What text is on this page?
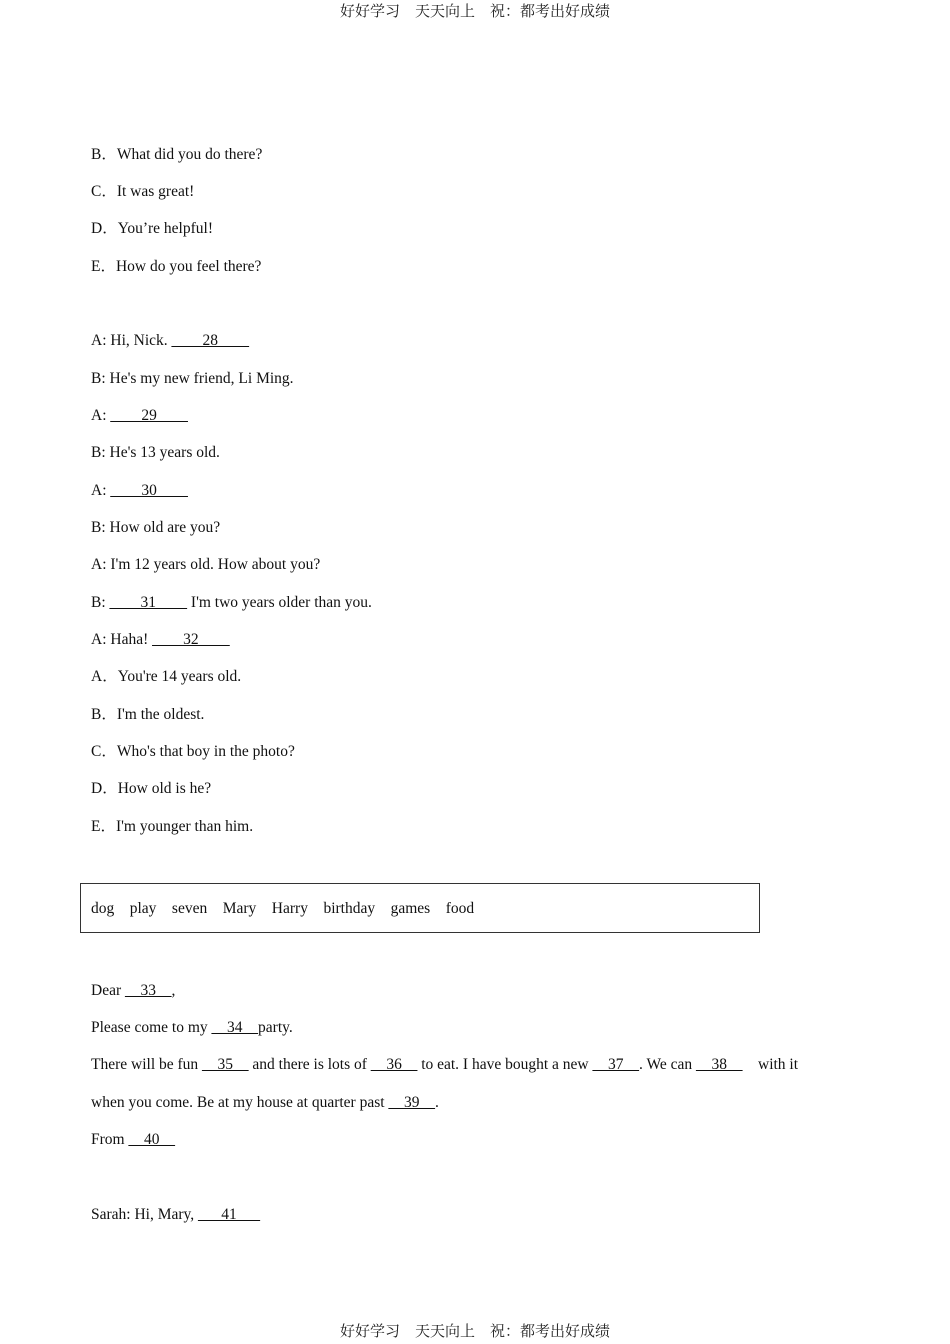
好好学习　天天向上　祝：都考出好成绩
B．What did you do there?
C．It was great!
D．You’re helpful!
E．How do you feel there?
A: Hi, Nick. ____28____
B: He's my new friend, Li Ming.
A: ____29____
B: He's 13 years old.
A: ____30____
B: How old are you?
A: I'm 12 years old. How about you?
B: ____31____ I'm two years older than you.
A: Haha! ____32____
A．You're 14 years old.
B．I'm the oldest.
C．Who's that boy in the photo?
D．How old is he?
E．I'm younger than him.
dog    play    seven    Mary    Harry    birthday    games    food
Dear __33__,
Please come to my __34__party.
There will be fun __35__ and there is lots of __36__ to eat. I have bought a new __37__. We can __38__    with it
when you come. Be at my house at quarter past __39__.
From __40__
Sarah: Hi, Mary, ___41___
好好学习　天天向上　祝：都考出好成绩
